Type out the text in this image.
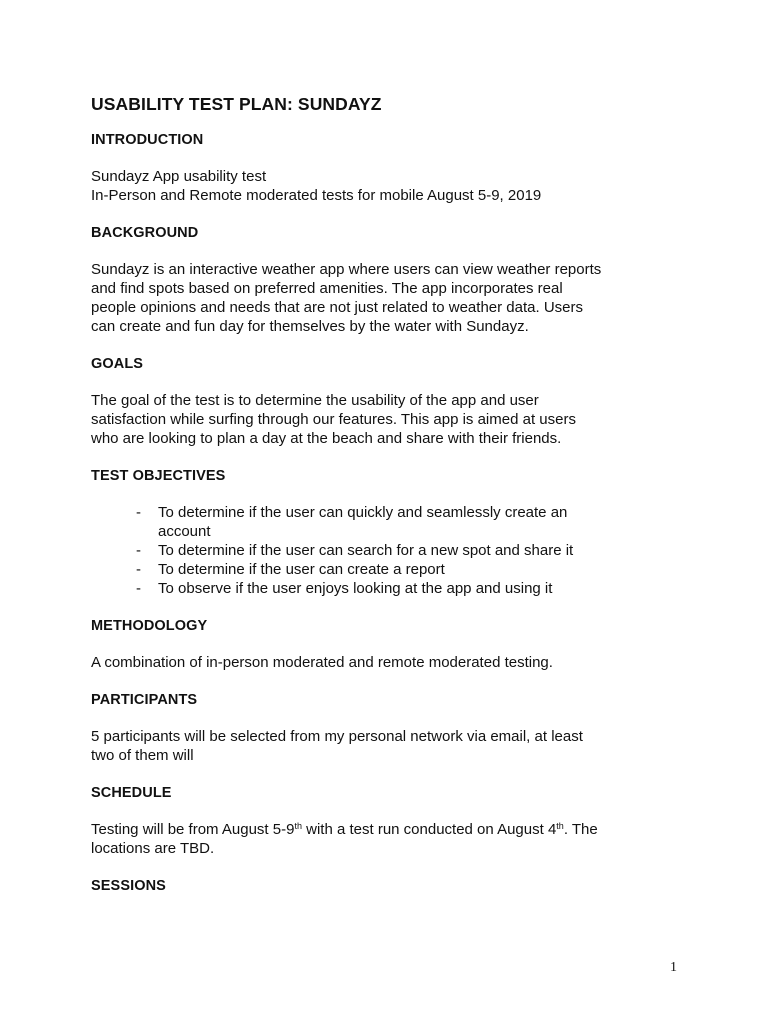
USABILITY TEST PLAN: SUNDAYZ
INTRODUCTION

Sundayz App usability test
In-Person and Remote moderated tests for mobile August 5-9, 2019

BACKGROUND

Sundayz is an interactive weather app where users can view weather reports
and find spots based on preferred amenities. The app incorporates real
people opinions and needs that are not just related to weather data. Users
can create and fun day for themselves by the water with Sundayz.

GOALS

The goal of the test is to determine the usability of the app and user
satisfaction while surfing through our features. This app is aimed at users
who are looking to plan a day at the beach and share with their friends.

TEST OBJECTIVES
- To determine if the user can quickly and seamlessly create an
account
- To determine if the user can search for a new spot and share it
- To determine if the user can create a report
- To observe if the user enjoys looking at the app and using it
METHODOLOGY

A combination of in-person moderated and remote moderated testing.

PARTICIPANTS

5 participants will be selected from my personal network via email, at least
two of them will

SCHEDULE

Testing will be from August 5-9th with a test run conducted on August 4th. The
locations are TBD.

SESSIONS
1
